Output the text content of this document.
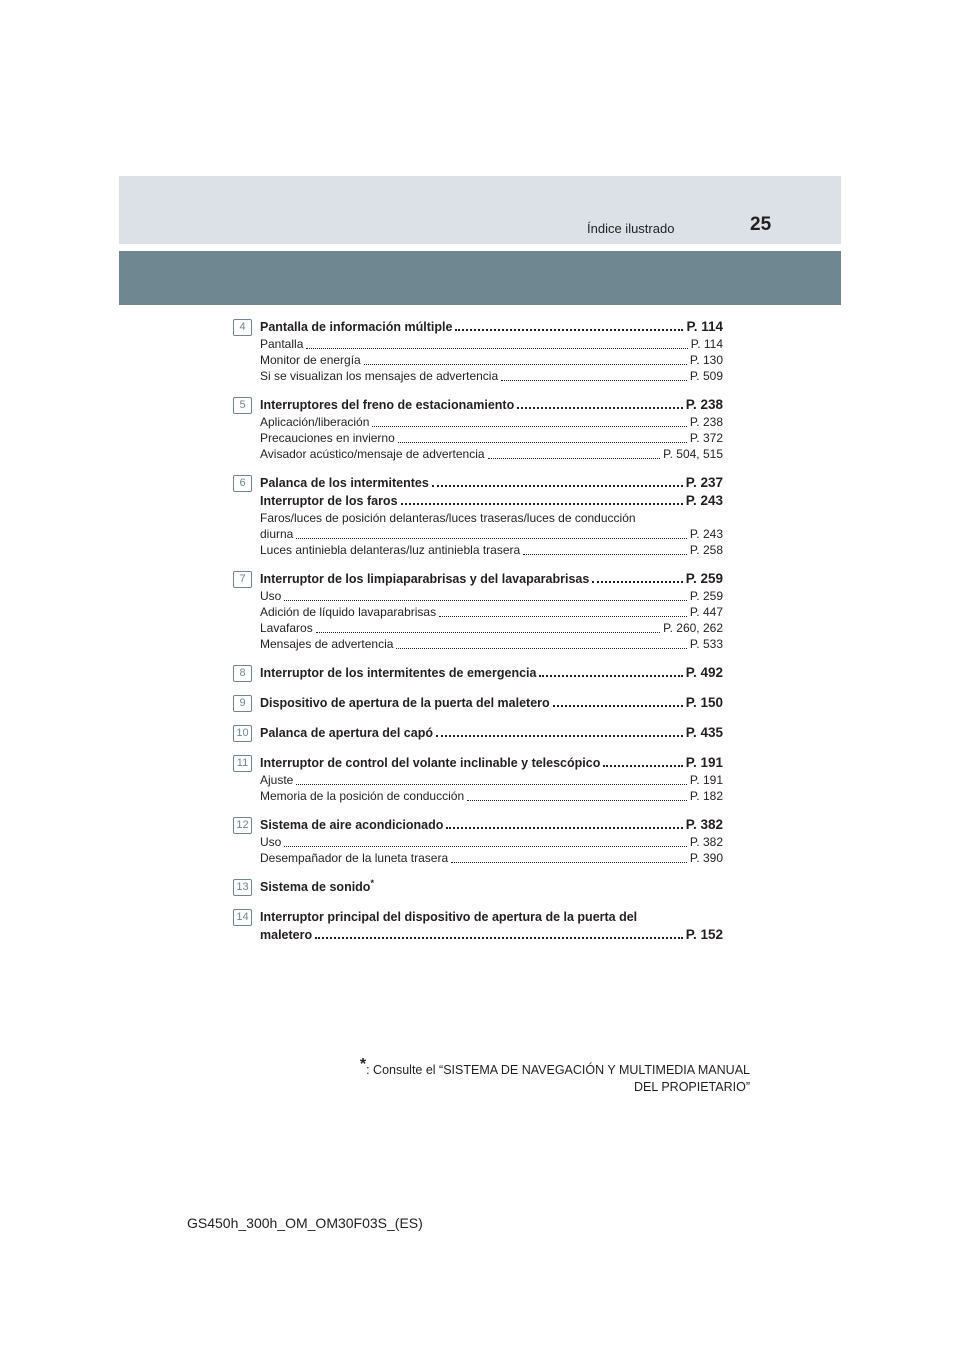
Índice ilustrado	25
4	Pantalla de información múltiple	P. 114
Pantalla	P. 114
Monitor de energía	P. 130
Si se visualizan los mensajes de advertencia	P. 509
5	Interruptores del freno de estacionamiento	P. 238
Aplicación/liberación	P. 238
Precauciones en invierno	P. 372
Avisador acústico/mensaje de advertencia	P. 504, 515
6	Palanca de los intermitentes	P. 237
Interruptor de los faros	P. 243
Faros/luces de posición delanteras/luces traseras/luces de conducción
diurna	P. 243
Luces antiniebla delanteras/luz antiniebla trasera	P. 258
7	Interruptor de los limpiaparabrisas y del lavaparabrisas	P. 259
Uso	P. 259
Adición de líquido lavaparabrisas	P. 447
Lavafaros	P. 260, 262
Mensajes de advertencia	P. 533
8	Interruptor de los intermitentes de emergencia	P. 492
9	Dispositivo de apertura de la puerta del maletero	P. 150
10 Palanca de apertura del capó	P. 435
11 Interruptor de control del volante inclinable y telescópico	P. 191
Ajuste	P. 191
Memoria de la posición de conducción	P. 182
12 Sistema de aire acondicionado	P. 382
Uso	P. 382
Desempañador de la luneta trasera	P. 390
13 Sistema de sonido*
14 Interruptor principal del dispositivo de apertura de la puerta del
maletero	P. 152
*: Consulte el “SISTEMA DE NAVEGACIÓN Y MULTIMEDIA MANUAL
DEL PROPIETARIO”
GS450h_300h_OM_OM30F03S_(ES)
